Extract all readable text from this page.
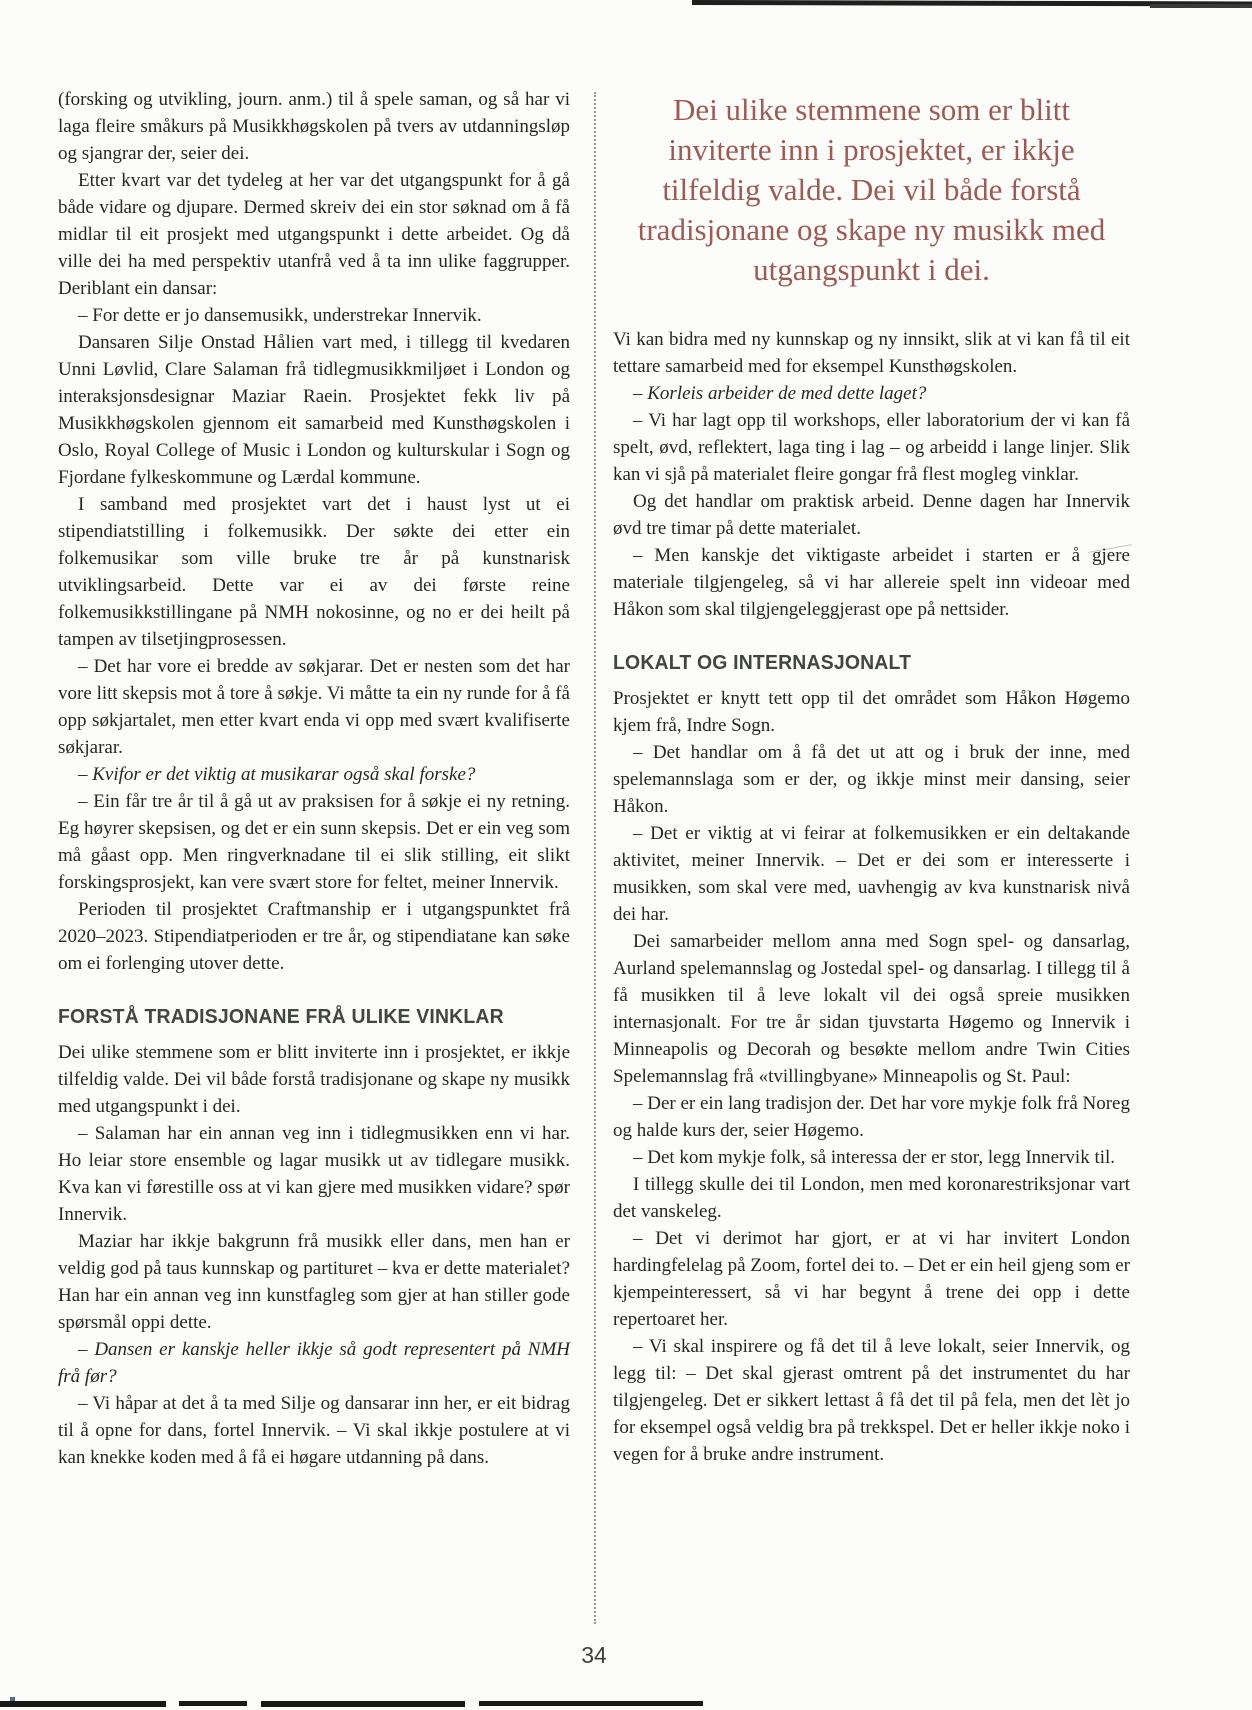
(forsking og utvikling, journ. anm.) til å spele saman, og så har vi laga fleire småkurs på Musikkhøgskolen på tvers av utdanningsløp og sjangrar der, seier dei.

Etter kvart var det tydeleg at her var det utgangspunkt for å gå både vidare og djupare. Dermed skreiv dei ein stor søknad om å få midlar til eit prosjekt med utgangspunkt i dette arbeidet. Og då ville dei ha med perspektiv utanfrå ved å ta inn ulike faggrupper. Deriblant ein dansar:

– For dette er jo dansemusikk, understrekar Innervik.

Dansaren Silje Onstad Hålien vart med, i tillegg til kvedaren Unni Løvlid, Clare Salaman frå tidlegmusikkmiljøet i London og interaksjonsdesignar Maziar Raein. Prosjektet fekk liv på Musikkhøgskolen gjennom eit samarbeid med Kunsthøgskolen i Oslo, Royal College of Music i London og kulturskular i Sogn og Fjordane fylkeskommune og Lærdal kommune.

I samband med prosjektet vart det i haust lyst ut ei stipendiatstilling i folkemusikk. Der søkte dei etter ein folkemusikar som ville bruke tre år på kunstnarisk utviklingsarbeid. Dette var ei av dei første reine folkemusikkstillingane på NMH nokosinne, og no er dei heilt på tampen av tilsetjingprosessen.

– Det har vore ei bredde av søkjarar. Det er nesten som det har vore litt skepsis mot å tore å søkje. Vi måtte ta ein ny runde for å få opp søkjartalet, men etter kvart enda vi opp med svært kvalifiserte søkjarar.

– Kvifor er det viktig at musikarar også skal forske?

– Ein får tre år til å gå ut av praksisen for å søkje ei ny retning. Eg høyrer skepsisen, og det er ein sunn skepsis. Det er ein veg som må gåast opp. Men ringverknadane til ei slik stilling, eit slikt forskingsprosjekt, kan vere svært store for feltet, meiner Innervik.

Perioden til prosjektet Craftmanship er i utgangspunktet frå 2020–2023. Stipendiatperioden er tre år, og stipendiatane kan søke om ei forlenging utover dette.

FORSTÅ TRADISJONANE FRÅ ULIKE VINKLAR

Dei ulike stemmene som er blitt inviterte inn i prosjektet, er ikkje tilfeldig valde. Dei vil både forstå tradisjonane og skape ny musikk med utgangspunkt i dei.

– Salaman har ein annan veg inn i tidlegmusikken enn vi har. Ho leiar store ensemble og lagar musikk ut av tidlegare musikk. Kva kan vi førestille oss at vi kan gjere med musikken vidare? spør Innervik.

Maziar har ikkje bakgrunn frå musikk eller dans, men han er veldig god på taus kunnskap og partituret – kva er dette materialet? Han har ein annan veg inn kunstfagleg som gjer at han stiller gode spørsmål oppi dette.

– Dansen er kanskje heller ikkje så godt representert på NMH frå før?

– Vi håpar at det å ta med Silje og dansarar inn her, er eit bidrag til å opne for dans, fortel Innervik. – Vi skal ikkje postulere at vi kan knekke koden med å få ei høgare utdanning på dans.

Dei ulike stemmene som er blitt inviterte inn i prosjektet, er ikkje tilfeldig valde. Dei vil både forstå tradisjonane og skape ny musikk med utgangspunkt i dei.

Vi kan bidra med ny kunnskap og ny innsikt, slik at vi kan få til eit tettare samarbeid med for eksempel Kunsthøgskolen.

– Korleis arbeider de med dette laget?

– Vi har lagt opp til workshops, eller laboratorium der vi kan få spelt, øvd, reflektert, laga ting i lag – og arbeidd i lange linjer. Slik kan vi sjå på materialet fleire gongar frå flest mogleg vinklar.

Og det handlar om praktisk arbeid. Denne dagen har Innervik øvd tre timar på dette materialet.

– Men kanskje det viktigaste arbeidet i starten er å gjere materiale tilgjengeleg, så vi har allereie spelt inn videoar med Håkon som skal tilgjengeleggjerast ope på nettsider.

LOKALT OG INTERNASJONALT

Prosjektet er knytt tett opp til det området som Håkon Høgemo kjem frå, Indre Sogn.

– Det handlar om å få det ut att og i bruk der inne, med spelemannslaga som er der, og ikkje minst meir dansing, seier Håkon.

– Det er viktig at vi feirar at folkemusikken er ein deltakande aktivitet, meiner Innervik. – Det er dei som er interesserte i musikken, som skal vere med, uavhengig av kva kunstnarisk nivå dei har.

Dei samarbeider mellom anna med Sogn spel- og dansarlag, Aurland spelemannslag og Jostedal spel- og dansarlag. I tillegg til å få musikken til å leve lokalt vil dei også spreie musikken internasjonalt. For tre år sidan tjuvstarta Høgemo og Innervik i Minneapolis og Decorah og besøkte mellom andre Twin Cities Spelemannslag frå «tvillingbyane» Minneapolis og St. Paul:

– Der er ein lang tradisjon der. Det har vore mykje folk frå Noreg og halde kurs der, seier Høgemo.

– Det kom mykje folk, så interessa der er stor, legg Innervik til.

I tillegg skulle dei til London, men med koronarestriksjonar vart det vanskeleg.

– Det vi derimot har gjort, er at vi har invitert London hardingfelelag på Zoom, fortel dei to. – Det er ein heil gjeng som er kjempeinteressert, så vi har begynt å trene dei opp i dette repertoaret her.

– Vi skal inspirere og få det til å leve lokalt, seier Innervik, og legg til: – Det skal gjerast omtrent på det instrumentet du har tilgjengeleg. Det er sikkert lettast å få det til på fela, men det lèt jo for eksempel også veldig bra på trekkspel. Det er heller ikkje noko i vegen for å bruke andre instrument.

34
